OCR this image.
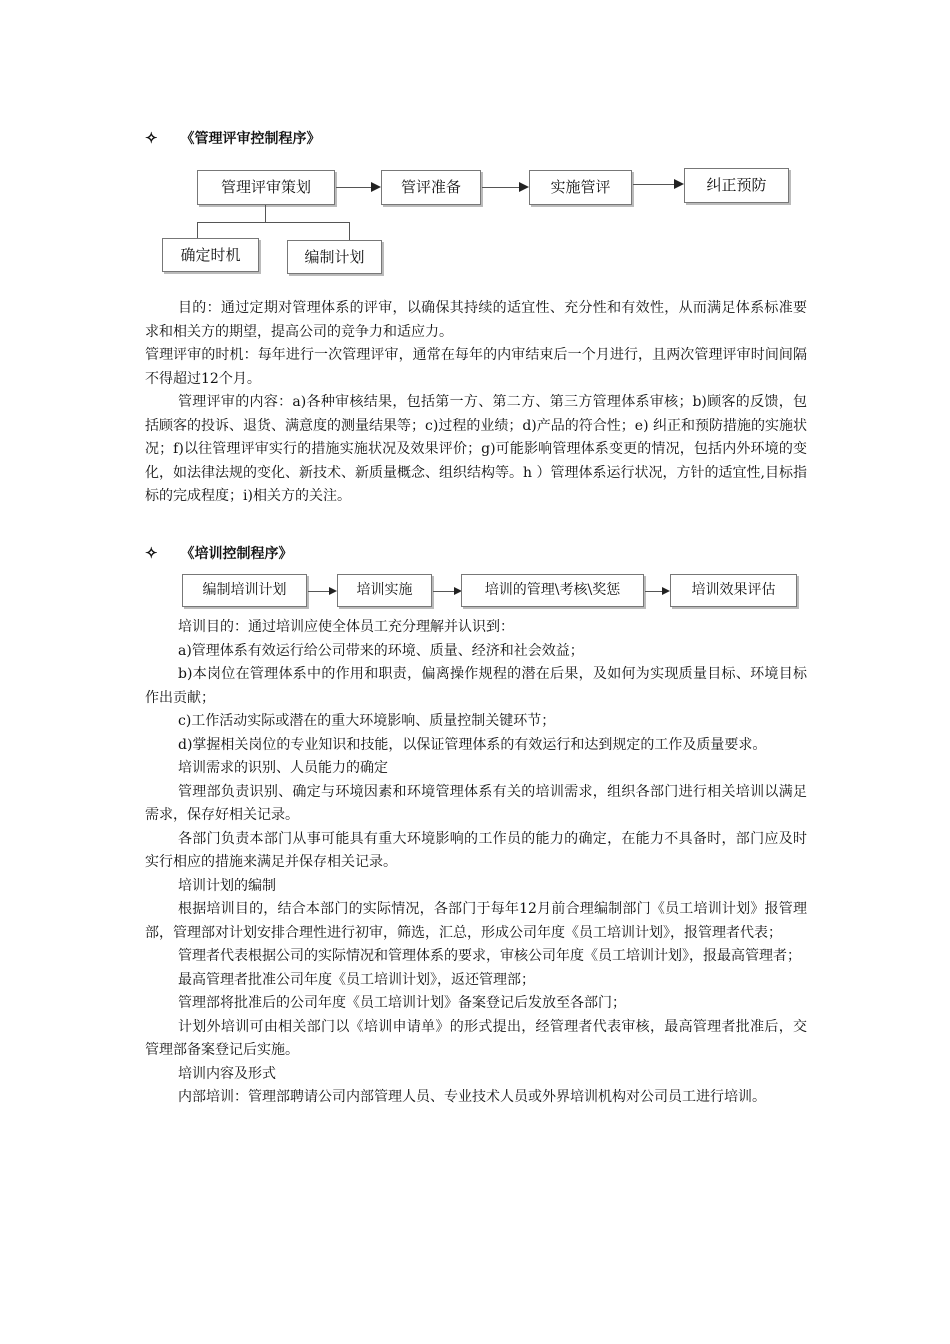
✧ 《管理评审控制程序》
管理评审策划	管评准备	实施管评	纠正预防
确定时机	编制计划
目的：通过定期对管理体系的评审，以确保其持续的适宜性、充分性和有效性，从而满足体系标准要求和相关方的期望，提高公司的竞争力和适应力。
管理评审的时机：每年进行一次管理评审，通常在每年的内审结束后一个月进行，且两次管理评审时间间隔不得超过12个月。
管理评审的内容：a)各种审核结果，包括第一方、第二方、第三方管理体系审核；b)顾客的反馈，包括顾客的投诉、退货、满意度的测量结果等；c)过程的业绩；d)产品的符合性；e) 纠正和预防措施的实施状况；f)以往管理评审实行的措施实施状况及效果评价；g)可能影响管理体系变更的情况，包括内外环境的变化，如法律法规的变化、新技术、新质量概念、组织结构等。h ）管理体系运行状况，方针的适宜性,目标指标的完成程度；i)相关方的关注。
✧ 《培训控制程序》
编制培训计划	培训实施	培训的管理\考核\奖惩	培训效果评估

培训目的：通过培训应使全体员工充分理解并认识到：

a)管理体系有效运行给公司带来的环境、质量、经济和社会效益；

b)本岗位在管理体系中的作用和职责，偏离操作规程的潜在后果，及如何为实现质量目标、环境目标作出贡献；

c)工作活动实际或潜在的重大环境影响、质量控制关键环节；

d)掌握相关岗位的专业知识和技能，以保证管理体系的有效运行和达到规定的工作及质量要求。

培训需求的识别、人员能力的确定

管理部负责识别、确定与环境因素和环境管理体系有关的培训需求，组织各部门进行相关培训以满足需求，保存好相关记录。

各部门负责本部门从事可能具有重大环境影响的工作员的能力的确定，在能力不具备时，部门应及时实行相应的措施来满足并保存相关记录。

培训计划的编制

根据培训目的，结合本部门的实际情况，各部门于每年12月前合理编制部门《员工培训计划》报管理部，管理部对计划安排合理性进行初审，筛选，汇总，形成公司年度《员工培训计划》，报管理者代表；

管理者代表根据公司的实际情况和管理体系的要求，审核公司年度《员工培训计划》，报最高管理者；

最高管理者批准公司年度《员工培训计划》，返还管理部；

管理部将批准后的公司年度《员工培训计划》备案登记后发放至各部门；

计划外培训可由相关部门以《培训申请单》的形式提出，经管理者代表审核，最高管理者批准后，交管理部备案登记后实施。

培训内容及形式

内部培训：管理部聘请公司内部管理人员、专业技术人员或外界培训机构对公司员工进行培训。
